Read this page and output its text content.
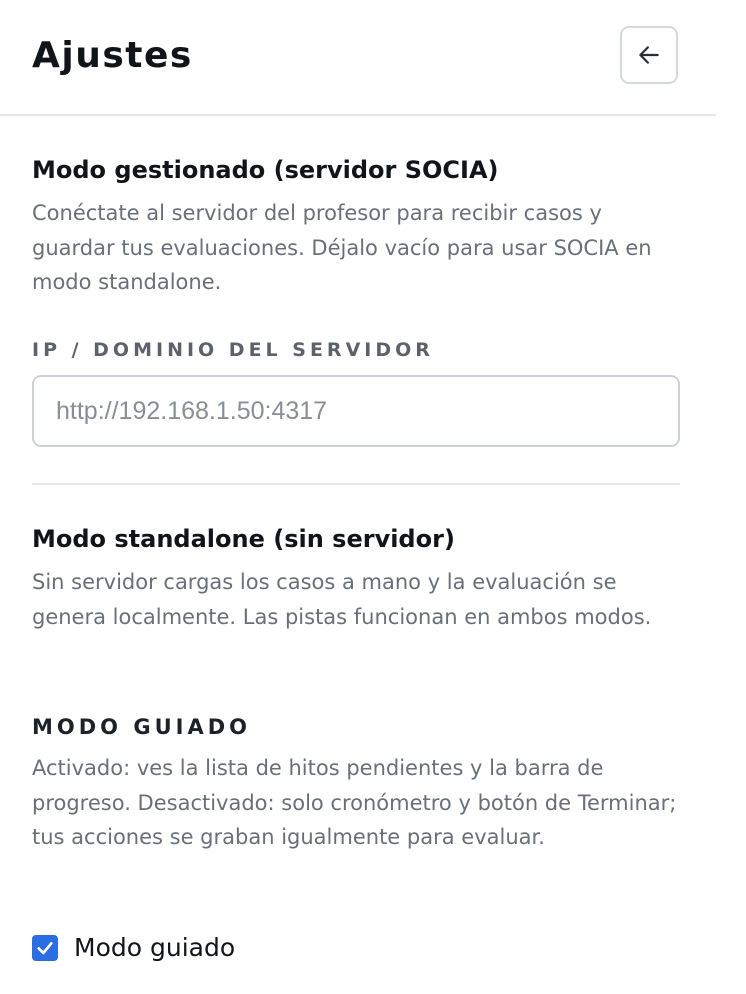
Ajustes
Modo gestionado (servidor SOCIA)

Conéctate al servidor del profesor para recibir casos y guardar tus evaluaciones. Déjalo vacío para usar SOCIA en modo standalone.

IP / DOMINIO DEL SERVIDOR
http://192.168.1.50:4317
Modo standalone (sin servidor)

Sin servidor cargas los casos a mano y la evaluación se genera localmente. Las pistas funcionan en ambos modos.

MODO GUIADO

Activado: ves la lista de hitos pendientes y la barra de progreso. Desactivado: solo cronómetro y botón de Terminar; tus acciones se graban igualmente para evaluar.

Modo guiado
